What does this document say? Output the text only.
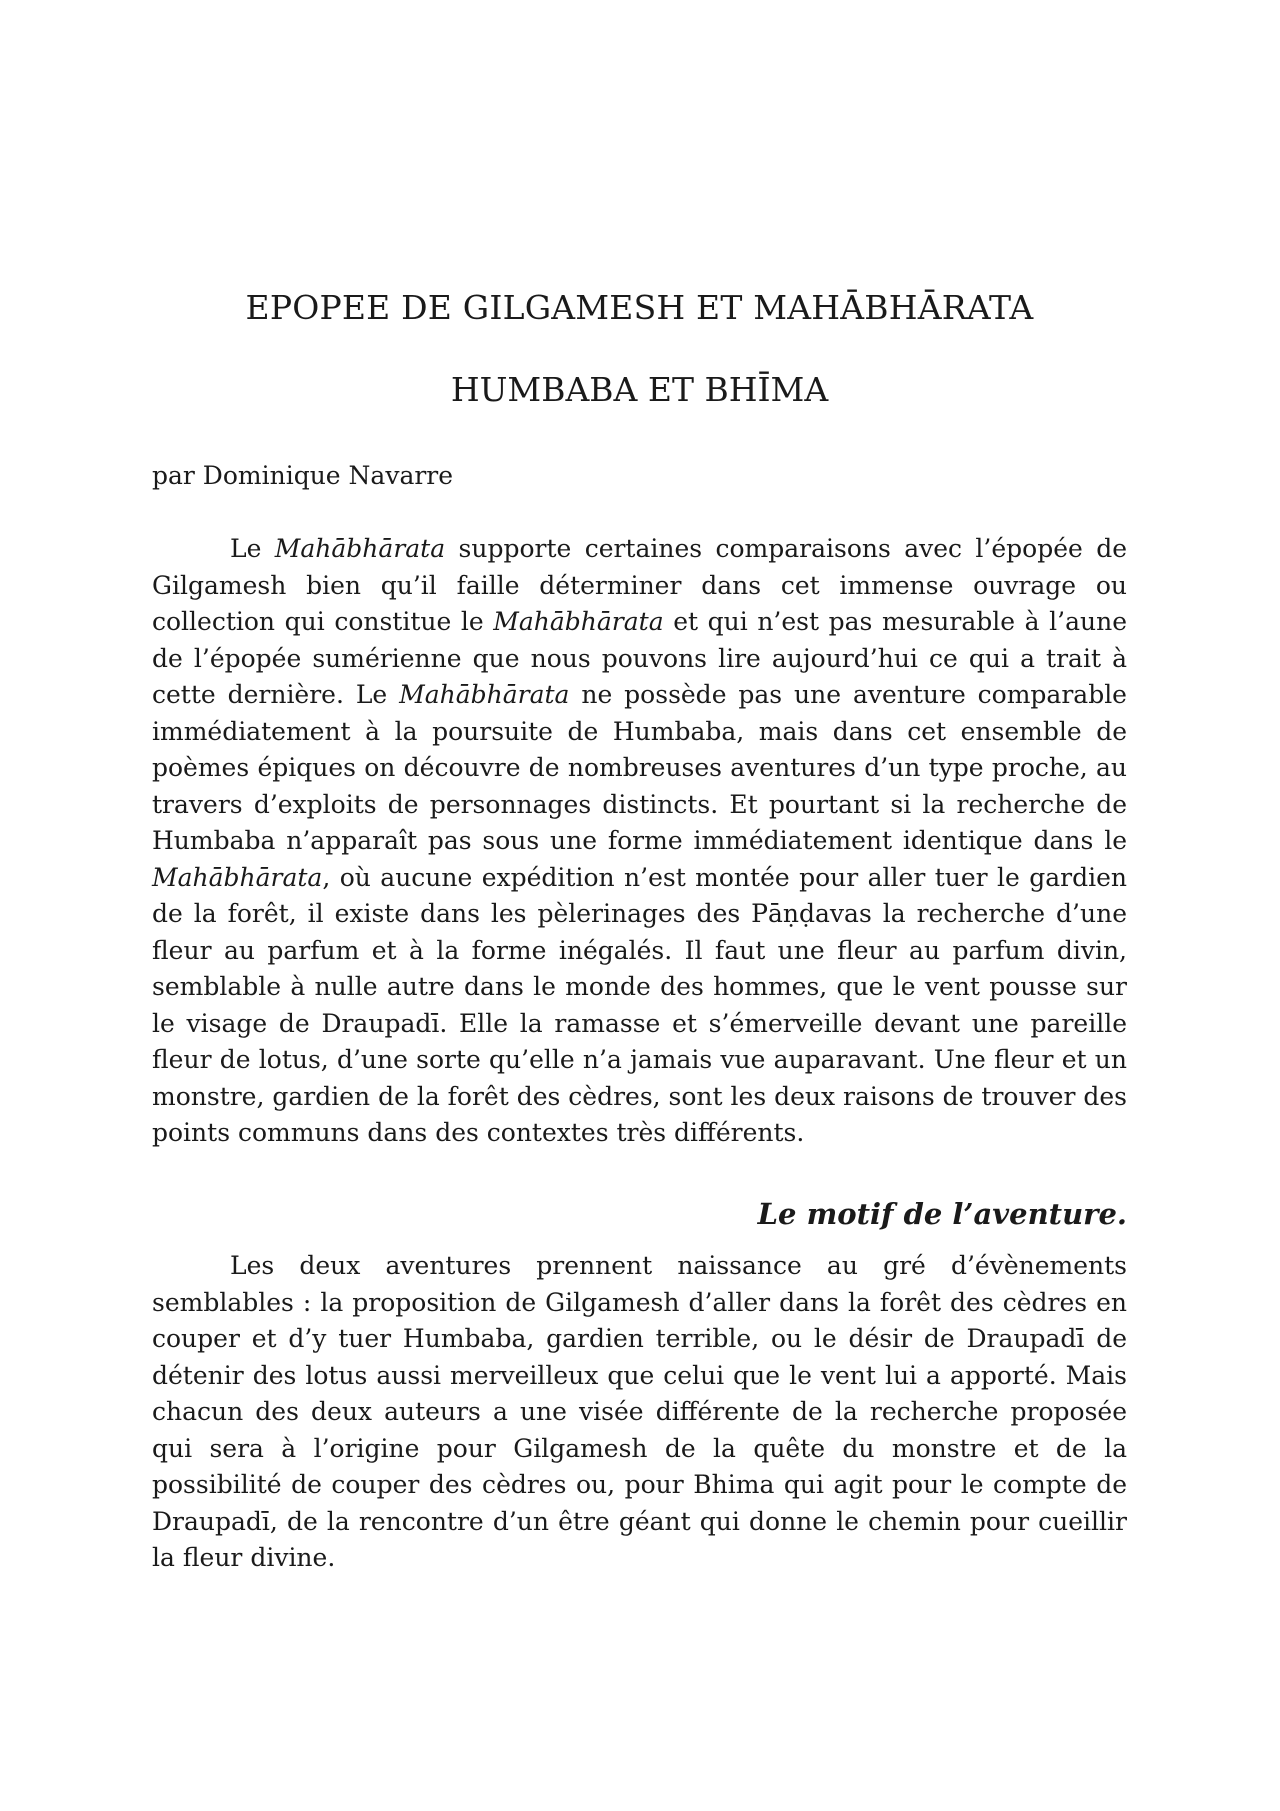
EPOPEE DE GILGAMESH ET MAHĀBHĀRATA
HUMBABA ET BHĪMA

par Dominique Navarre

Le Mahābhārata supporte certaines comparaisons avec l’épopée de Gilgamesh bien qu’il faille déterminer dans cet immense ouvrage ou collection qui constitue le Mahābhārata et qui n’est pas mesurable à l’aune de l’épopée sumérienne que nous pouvons lire aujourd’hui ce qui a trait à cette dernière. Le Mahābhārata ne possède pas une aventure comparable immédiatement à la poursuite de Humbaba, mais dans cet ensemble de poèmes épiques on découvre de nombreuses aventures d’un type proche, au travers d’exploits de personnages distincts. Et pourtant si la recherche de Humbaba n’apparaît pas sous une forme immédiatement identique dans le Mahābhārata, où aucune expédition n’est montée pour aller tuer le gardien de la forêt, il existe dans les pèlerinages des Pāṇḍavas la recherche d’une fleur au parfum et à la forme inégalés. Il faut une fleur au parfum divin, semblable à nulle autre dans le monde des hommes, que le vent pousse sur le visage de Draupadī. Elle la ramasse et s’émerveille devant une pareille fleur de lotus, d’une sorte qu’elle n’a jamais vue auparavant. Une fleur et un monstre, gardien de la forêt des cèdres, sont les deux raisons de trouver des points communs dans des contextes très différents.

Le motif de l’aventure.

Les deux aventures prennent naissance au gré d’évènements semblables : la proposition de Gilgamesh d’aller dans la forêt des cèdres en couper et d’y tuer Humbaba, gardien terrible, ou le désir de Draupadī de détenir des lotus aussi merveilleux que celui que le vent lui a apporté. Mais chacun des deux auteurs a une visée différente de la recherche proposée qui sera à l’origine pour Gilgamesh de la quête du monstre et de la possibilité de couper des cèdres ou, pour Bhima qui agit pour le compte de Draupadī, de la rencontre d’un être géant qui donne le chemin pour cueillir la fleur divine.
